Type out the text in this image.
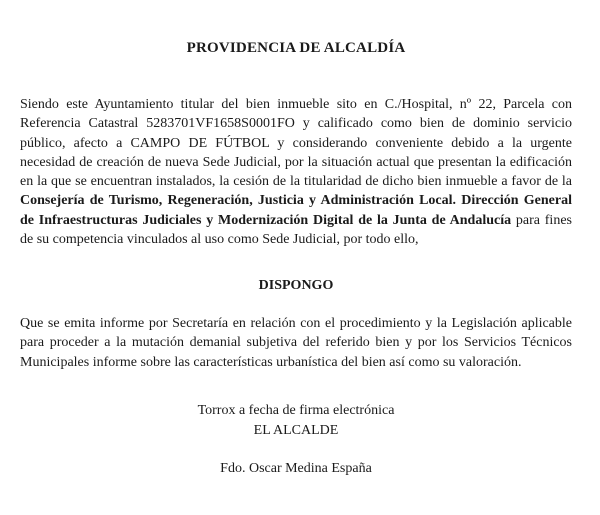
PROVIDENCIA DE ALCALDÍA
Siendo este Ayuntamiento titular del bien inmueble sito en C./Hospital, nº 22, Parcela con Referencia Catastral 5283701VF1658S0001FO y calificado como bien de dominio servicio público, afecto a CAMPO DE FÚTBOL y considerando conveniente debido a la urgente necesidad de creación de nueva Sede Judicial, por la situación actual que presentan la edificación en la que se encuentran instalados, la cesión de la titularidad de dicho bien inmueble a favor de la Consejería de Turismo, Regeneración, Justicia y Administración Local. Dirección General de Infraestructuras Judiciales y Modernización Digital de la Junta de Andalucía para fines de su competencia vinculados al uso como Sede Judicial, por todo ello,
DISPONGO
Que se emita informe por Secretaría en relación con el procedimiento y la Legislación aplicable para proceder a la mutación demanial subjetiva del referido bien y por los Servicios Técnicos Municipales informe sobre las características urbanística del bien así como su valoración.
Torrox a fecha de firma electrónica
EL ALCALDE
Fdo. Oscar Medina España
